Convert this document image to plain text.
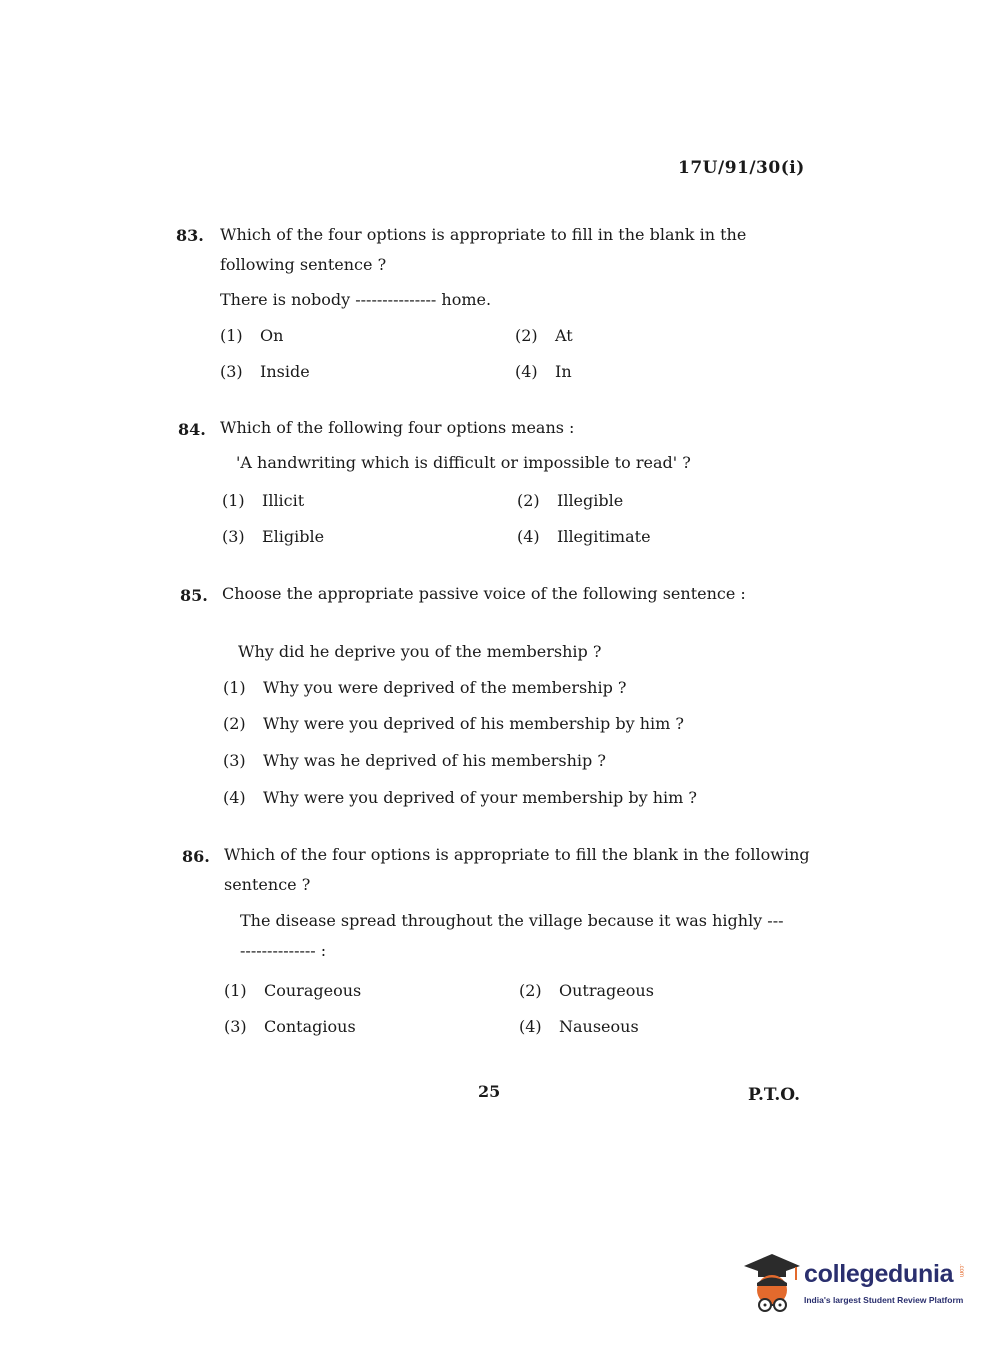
17U/91/30(i)
83. Which of the four options is appropriate to fill in the blank in the
following sentence ?
There is nobody --------------- home.
(1) On	(2) At
(3) Inside	(4) In
84. Which of the following four options means :
'A handwriting which is difficult or impossible to read' ?
(1) Illicit	(2) Illegible
(3) Eligible	(4) Illegitimate
85. Choose the appropriate passive voice of the following sentence :
Why did he deprive you of the membership ?
(1) Why you were deprived of the membership ?
(2) Why were you deprived of his membership by him ?
(3) Why was he deprived of his membership ?
(4) Why were you deprived of your membership by him ?
86. Which of the four options is appropriate to fill the blank in the following
sentence ?
The disease spread throughout the village because it was highly ---
-------------- :
(1) Courageous	(2) Outrageous
(3) Contagious	(4) Nauseous
25	P.T.O.
collegedunia .com
India's largest Student Review Platform
